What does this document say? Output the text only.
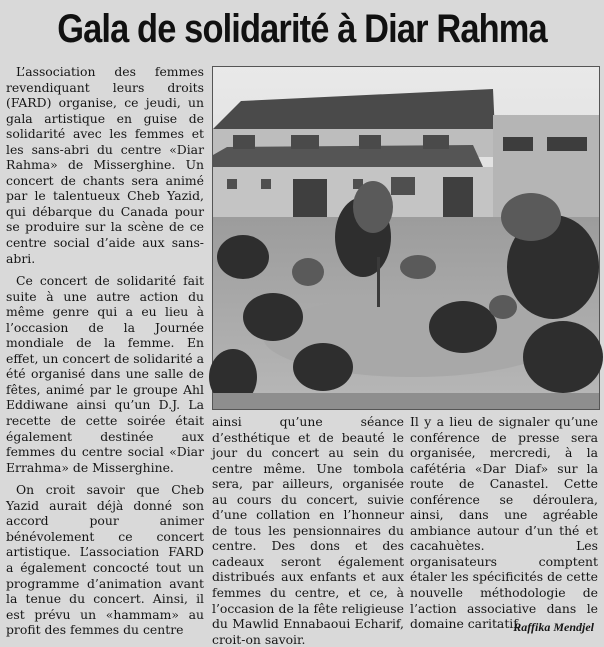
Gala de solidarité à Diar Rahma

L’association des femmes revendiquant leurs droits (FARD) organise, ce jeudi, un gala artistique en guise de solidarité avec les femmes et les sans-abri du centre «Diar Rahma» de Misserghine. Un concert de chants sera animé par le talentueux Cheb Yazid, qui débarque du Canada pour se produire sur la scène de ce centre social d’aide aux sans-abri.

Ce concert de solidarité fait suite à une autre action du même genre qui a eu lieu à l’occasion de la Journée mondiale de la femme. En effet, un concert de solidarité a été organisé dans une salle de fêtes, animé par le groupe Ahl Eddiwane ainsi qu’un D.J. La recette de cette soirée était également destinée aux femmes du centre social «Diar Errahma» de Misserghine.

On croit savoir que Cheb Yazid aurait déjà donné son accord pour animer bénévolement ce concert artistique. L’association FARD a également concocté tout un programme d’animation avant la tenue du concert. Ainsi, il est prévu un «hammam» au profit des femmes du centre

ainsi qu’une séance d’esthétique et de beauté le jour du concert au sein du centre même. Une tombola sera, par ailleurs, organisée au cours du concert, suivie d’une collation en l’honneur de tous les pensionnaires du centre. Des dons et des cadeaux seront également distribués aux enfants et aux femmes du centre, et ce, à l’occasion de la fête religieuse du Mawlid Ennabaoui Echarif, croit-on savoir.

Il y a lieu de signaler qu’une conférence de presse sera organisée, mercredi, à la cafétéria «Dar Diaf» sur la route de Canastel. Cette conférence se déroulera, ainsi, dans une agréable ambiance autour d’un thé et cacahuètes. Les organisateurs comptent étaler les spécificités de cette nouvelle méthodologie de l’action associative dans le domaine caritatif.

Raffika Mendjel
